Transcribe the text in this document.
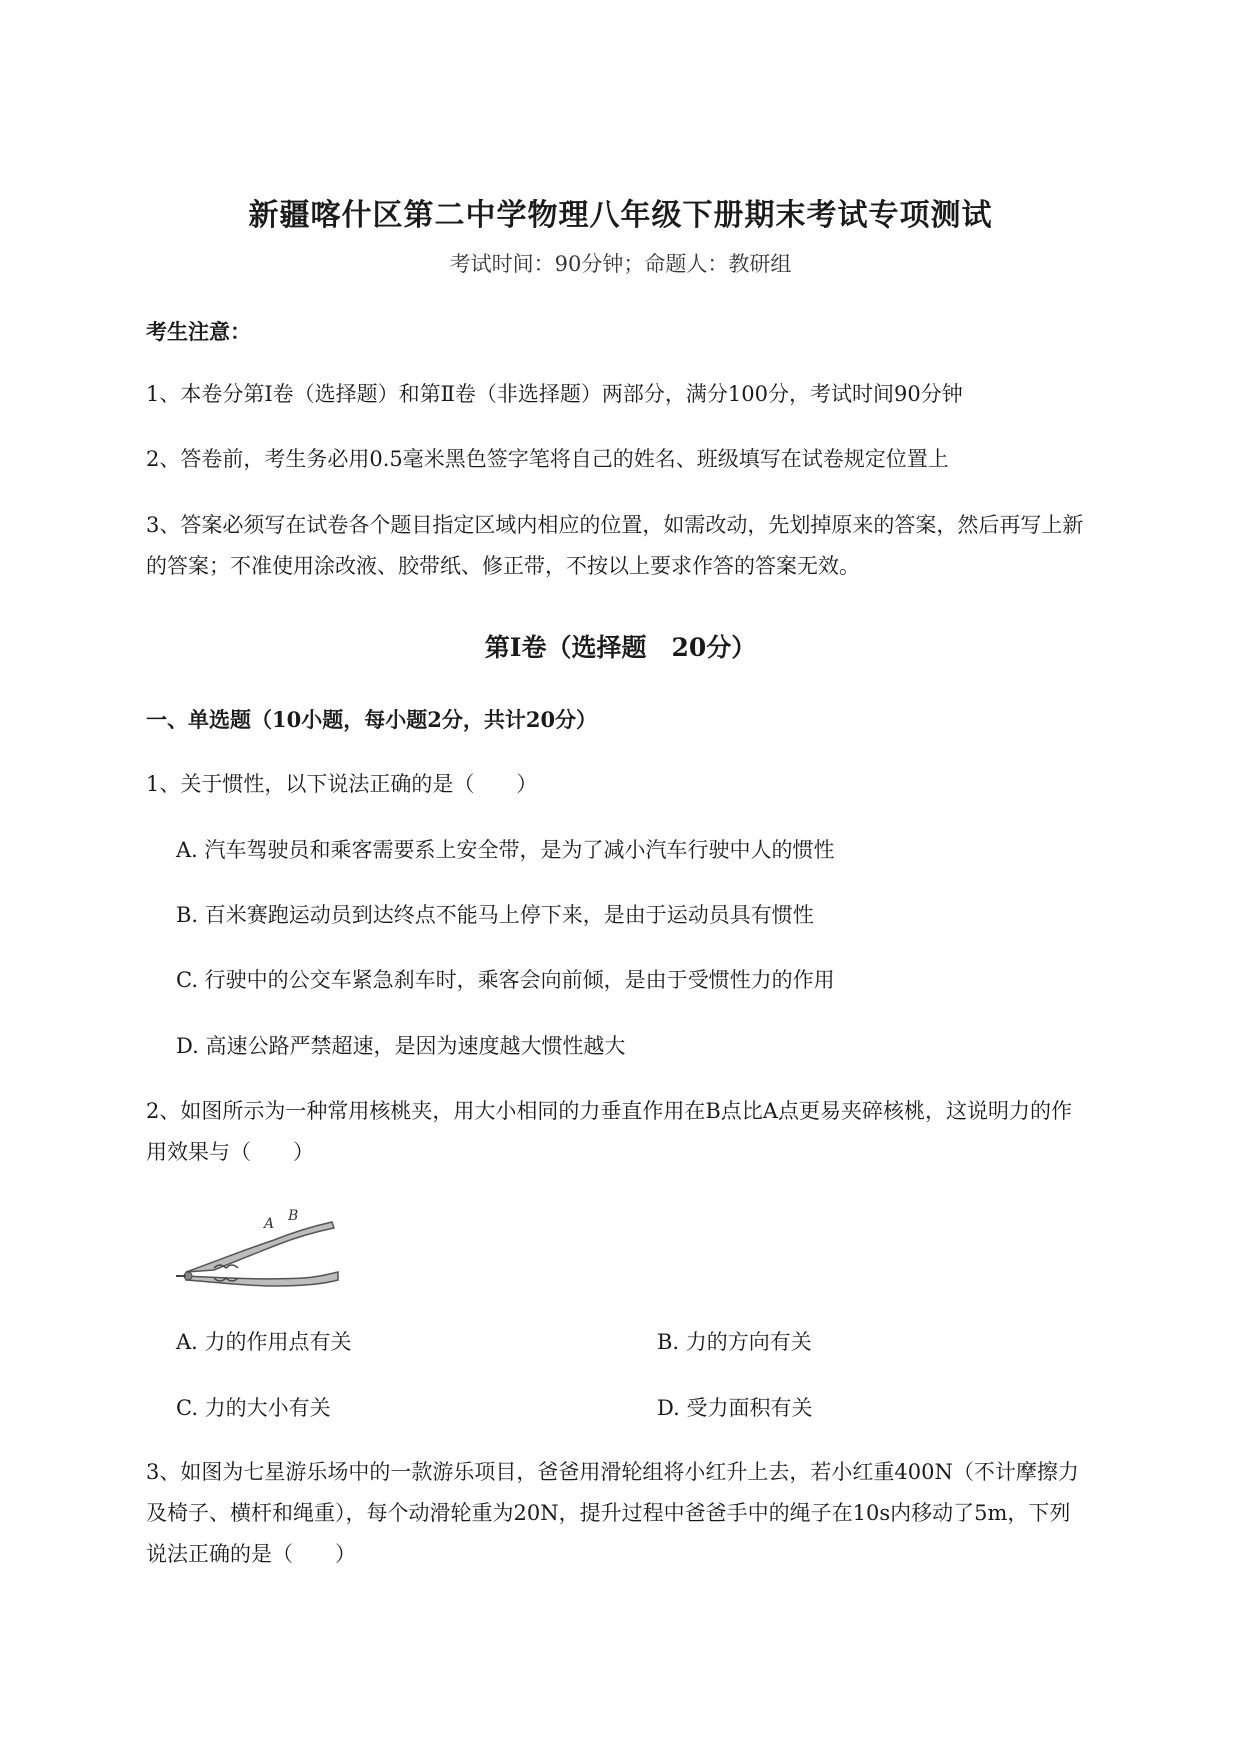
新疆喀什区第二中学物理八年级下册期末考试专项测试

考试时间：90分钟；命题人：教研组

考生注意：

1、本卷分第I卷（选择题）和第Ⅱ卷（非选择题）两部分，满分100分，考试时间90分钟

2、答卷前，考生务必用0.5毫米黑色签字笔将自己的姓名、班级填写在试卷规定位置上

3、答案必须写在试卷各个题目指定区域内相应的位置，如需改动，先划掉原来的答案，然后再写上新

的答案；不准使用涂改液、胶带纸、修正带，不按以上要求作答的答案无效。

第I卷（选择题　20分）

一、单选题（10小题，每小题2分，共计20分）

1、关于惯性，以下说法正确的是（　　）

A. 汽车驾驶员和乘客需要系上安全带，是为了减小汽车行驶中人的惯性

B. 百米赛跑运动员到达终点不能马上停下来，是由于运动员具有惯性

C. 行驶中的公交车紧急刹车时，乘客会向前倾，是由于受惯性力的作用

D. 高速公路严禁超速，是因为速度越大惯性越大

2、如图所示为一种常用核桃夹，用大小相同的力垂直作用在B点比A点更易夹碎核桃，这说明力的作

用效果与（　　）

A B

A. 力的作用点有关	B. 力的方向有关

C. 力的大小有关	D. 受力面积有关

3、如图为七星游乐场中的一款游乐项目，爸爸用滑轮组将小红升上去，若小红重400N（不计摩擦力

及椅子、横杆和绳重），每个动滑轮重为20N，提升过程中爸爸手中的绳子在10s内移动了5m，下列

说法正确的是（　　）
